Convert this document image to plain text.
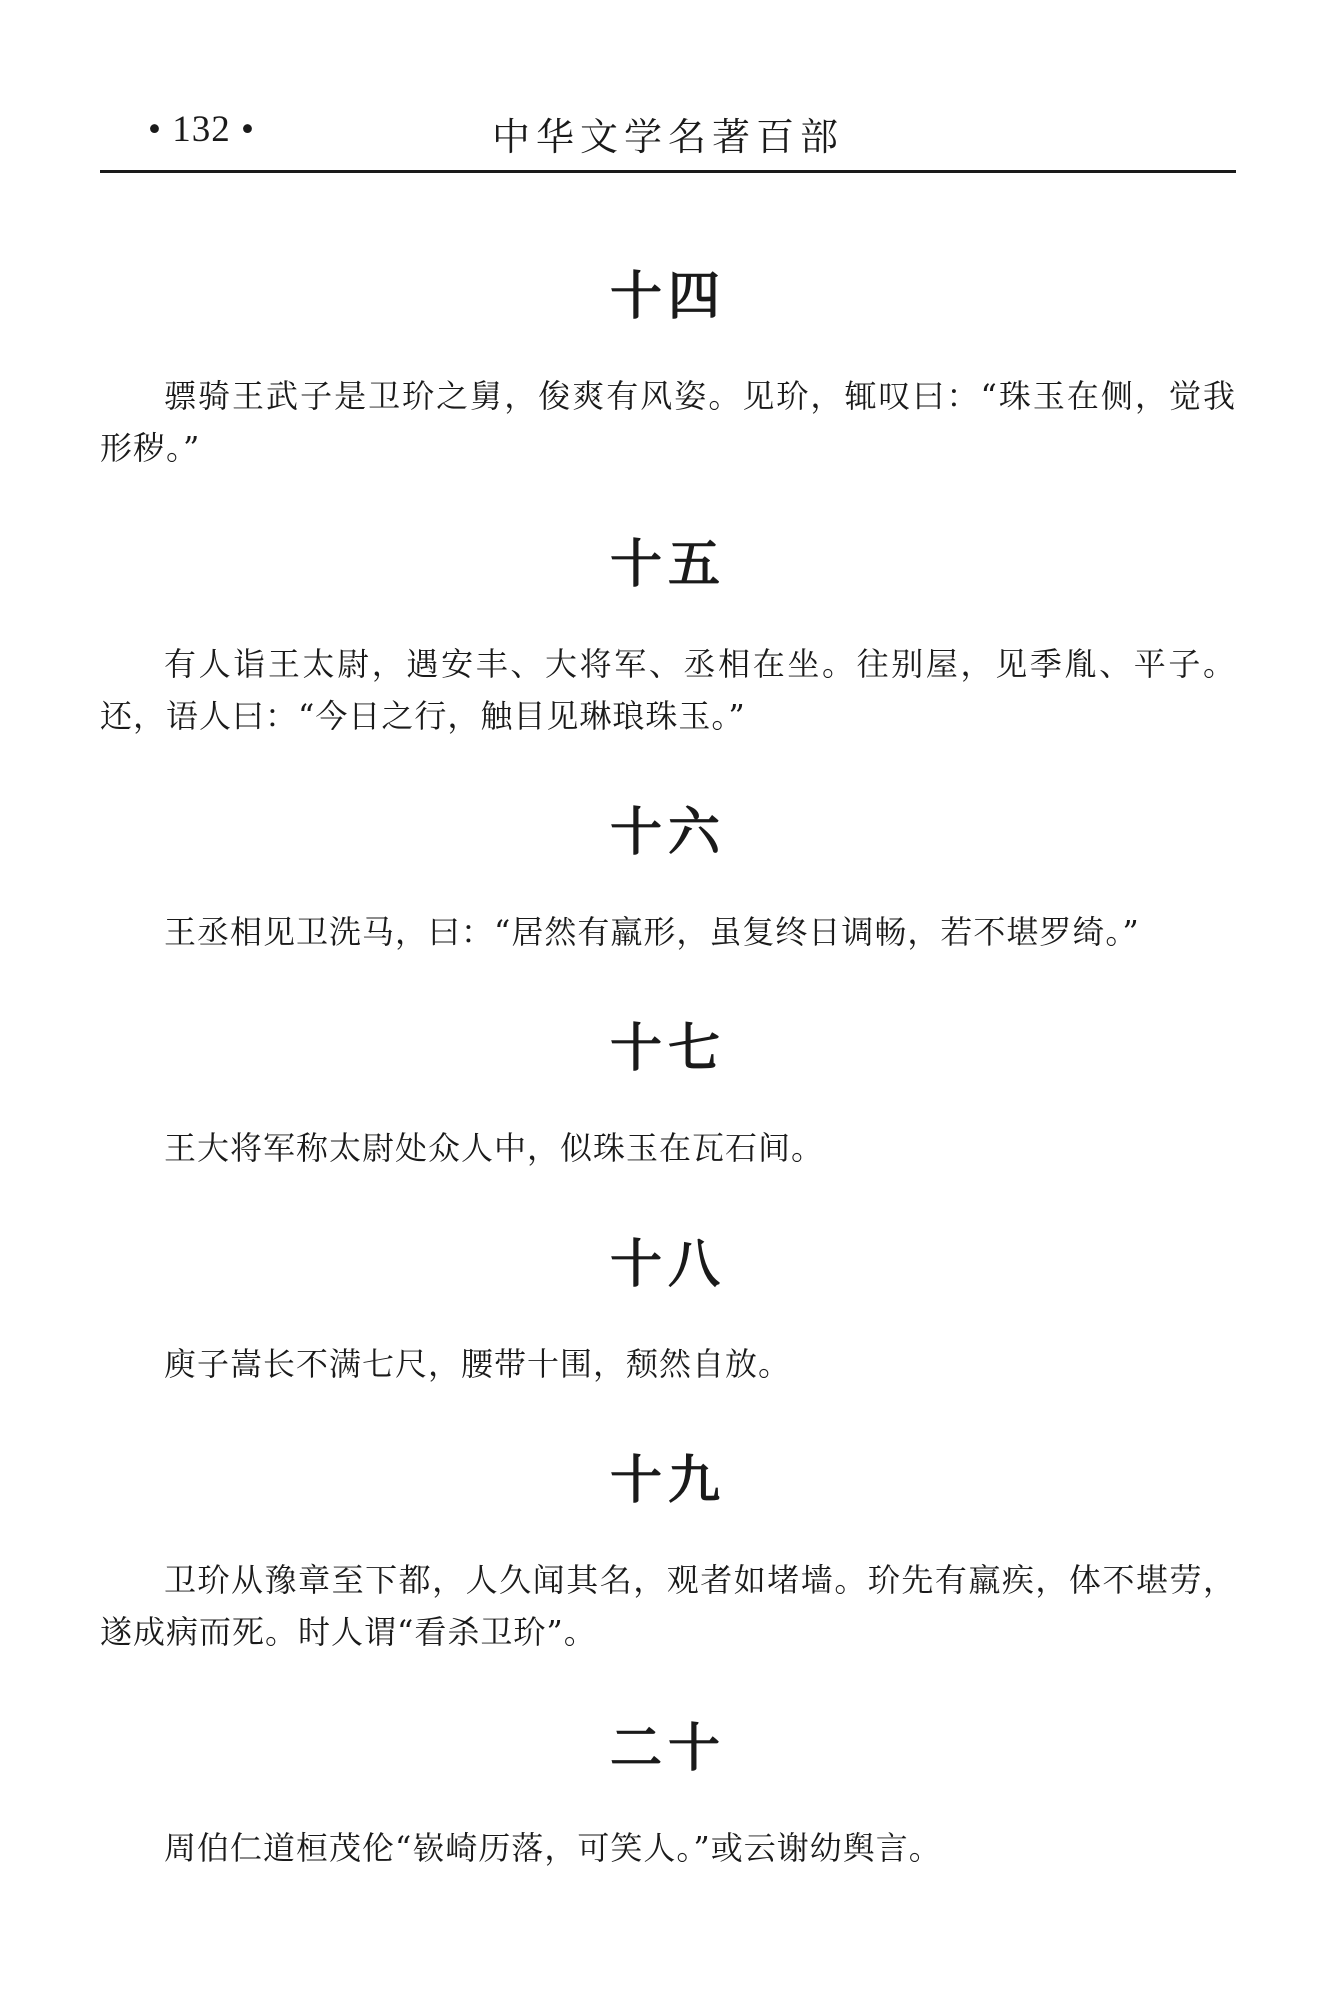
• 132 •	中华文学名著百部
十四

骠骑王武子是卫玠之舅，俊爽有风姿。见玠，辄叹曰：“珠玉在侧，觉我形秽。”

十五

有人诣王太尉，遇安丰、大将军、丞相在坐。往别屋，见季胤、平子。还，语人曰：“今日之行，触目见琳琅珠玉。”

十六

王丞相见卫洗马，曰：“居然有羸形，虽复终日调畅，若不堪罗绮。”

十七

王大将军称太尉处众人中，似珠玉在瓦石间。

十八

庾子嵩长不满七尺，腰带十围，颓然自放。

十九

卫玠从豫章至下都，人久闻其名，观者如堵墙。玠先有羸疾，体不堪劳，遂成病而死。时人谓“看杀卫玠”。

二十

周伯仁道桓茂伦“嵚崎历落，可笑人。”或云谢幼舆言。
